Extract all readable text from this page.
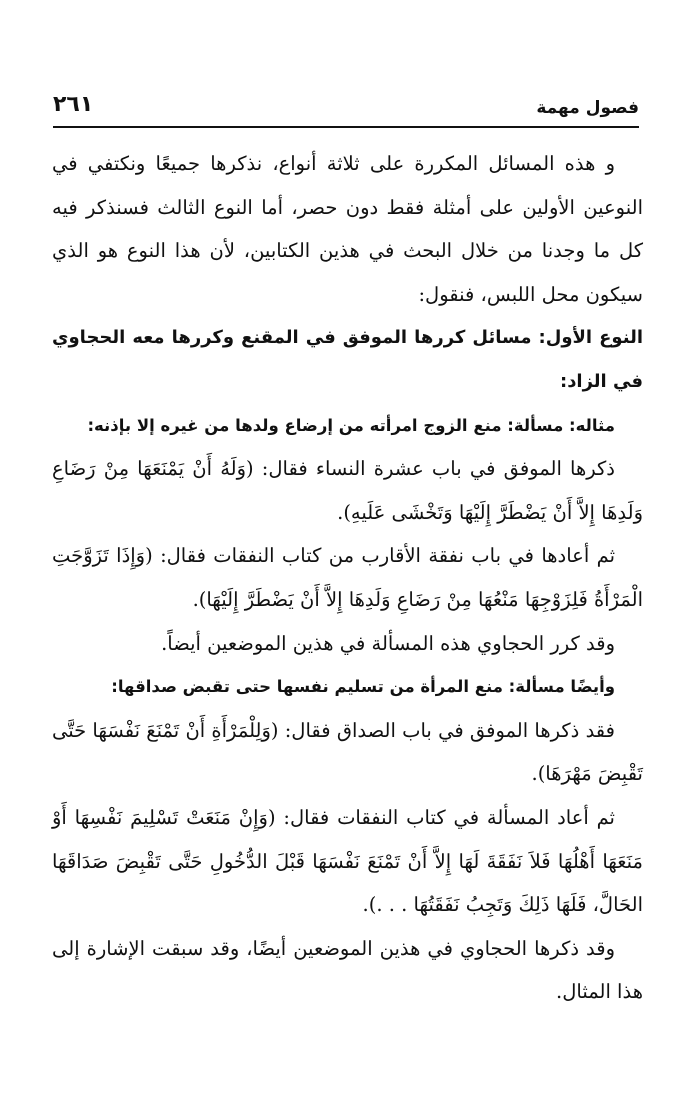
فصول مهمة
٢٦١

و هذه المسائل المكررة على ثلاثة أنواع، نذكرها جميعًا ونكتفي في النوعين الأولين على أمثلة فقط دون حصر، أما النوع الثالث فسنذكر فيه كل ما وجدنا من خلال البحث في هذين الكتابين، لأن هذا النوع هو الذي سيكون محل اللبس، فنقول:

النوع الأول: مسائل كررها الموفق في المقنع وكررها معه الحجاوي في الزاد:

مثاله: مسألة: منع الزوج امرأته من إرضاع ولدها من غيره إلا بإذنه:

ذكرها الموفق في باب عشرة النساء فقال: (وَلَهُ أَنْ يَمْنَعَهَا مِنْ رَضَاعِ وَلَدِهَا إِلاَّ أَنْ يَضْطَرَّ إِلَيْهَا وَتَخْشَى عَلَيهِ).

ثم أعادها في باب نفقة الأقارب من كتاب النفقات فقال: (وَإِذَا تَزَوَّجَتِ الْمَرْأَةُ فَلِزَوْجِهَا مَنْعُهَا مِنْ رَضَاعِ وَلَدِهَا إِلاَّ أَنْ يَضْطَرَّ إِلَيْهَا).

وقد كرر الحجاوي هذه المسألة في هذين الموضعين أيضاً.

وأيضًا مسألة: منع المرأة من تسليم نفسها حتى تقبض صداقها:

فقد ذكرها الموفق في باب الصداق فقال: (وَلِلْمَرْأَةِ أَنْ تَمْنَعَ نَفْسَهَا حَتَّى تَقْبِضَ مَهْرَهَا).

ثم أعاد المسألة في كتاب النفقات فقال: (وَإِنْ مَنَعَتْ تَسْلِيمَ نَفْسِهَا أَوْ مَنَعَهَا أَهْلُهَا فَلاَ نَفَقَةَ لَهَا إِلاَّ أَنْ تَمْنَعَ نَفْسَهَا قَبْلَ الدُّخُولِ حَتَّى تَقْبِضَ صَدَاقَهَا الحَالَّ، فَلَهَا ذَلِكَ وَتَجِبُ نَفَقَتُهَا . . .).

وقد ذكرها الحجاوي في هذين الموضعين أيضًا، وقد سبقت الإشارة إلى هذا المثال.
